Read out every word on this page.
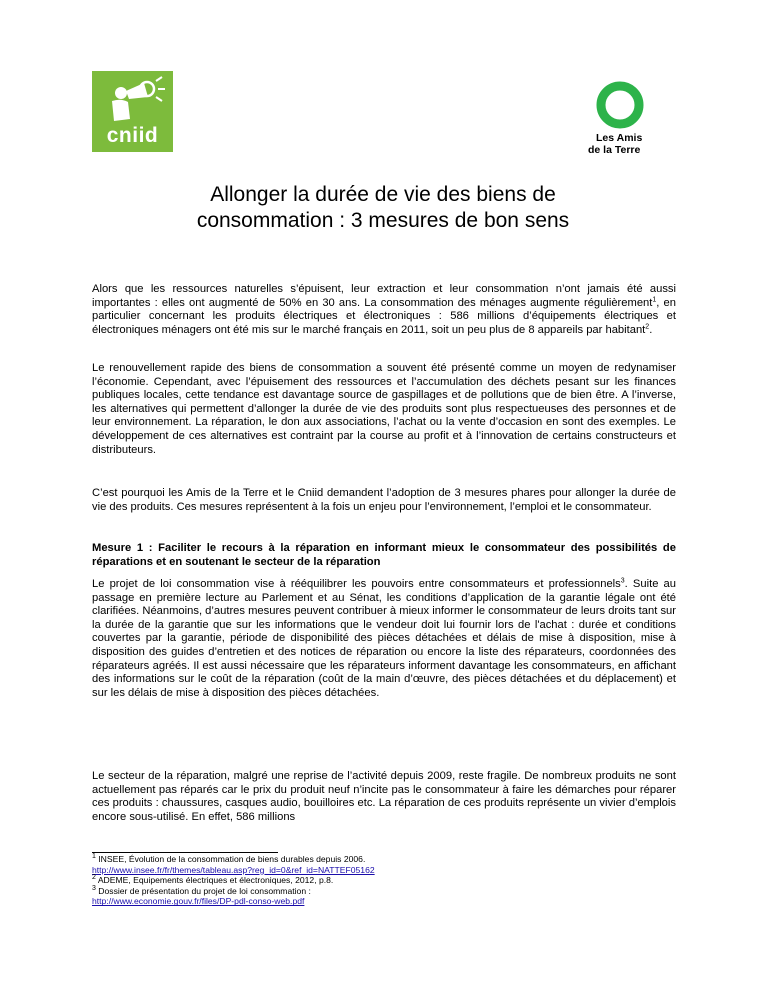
cniid	Les Amis
de la Terre
Allonger la durée de vie des biens de
consommation : 3 mesures de bon sens

Alors que les ressources naturelles s’épuisent, leur extraction et leur consommation n’ont jamais été aussi importantes : elles ont augmenté de 50% en 30 ans. La consommation des ménages augmente régulièrement$^1$, en particulier concernant les produits électriques et électroniques : 586 millions d’équipements électriques et électroniques ménagers ont été mis sur le marché français en 2011, soit un peu plus de 8 appareils par habitant$^2$.

Le renouvellement rapide des biens de consommation a souvent été présenté comme un moyen de redynamiser l’économie. Cependant, avec l’épuisement des ressources et l’accumulation des déchets pesant sur les finances publiques locales, cette tendance est davantage source de gaspillages et de pollutions que de bien être. A l’inverse, les alternatives qui permettent d’allonger la durée de vie des produits sont plus respectueuses des personnes et de leur environnement. La réparation, le don aux associations, l’achat ou la vente d’occasion en sont des exemples. Le développement de ces alternatives est contraint par la course au profit et à l’innovation de certains constructeurs et distributeurs.

C’est pourquoi les Amis de la Terre et le Cniid demandent l’adoption de 3 mesures phares pour allonger la durée de vie des produits. Ces mesures représentent à la fois un enjeu pour l’environnement, l’emploi et le consommateur.

Mesure 1 : Faciliter le recours à la réparation en informant mieux le consommateur des possibilités de réparations et en soutenant le secteur de la réparation

Le projet de loi consommation vise à rééquilibrer les pouvoirs entre consommateurs et professionnels$^3$. Suite au passage en première lecture au Parlement et au Sénat, les conditions d’application de la garantie légale ont été clarifiées. Néanmoins, d’autres mesures peuvent contribuer à mieux informer le consommateur de leurs droits tant sur la durée de la garantie que sur les informations que le vendeur doit lui fournir lors de l'achat : durée et conditions couvertes par la garantie, période de disponibilité des pièces détachées et délais de mise à disposition, mise à disposition des guides d’entretien et des notices de réparation ou encore la liste des réparateurs, coordonnées des réparateurs agréés. Il est aussi nécessaire que les réparateurs informent davantage les consommateurs, en affichant des informations sur le coût de la réparation (coût de la main d’œuvre, des pièces détachées et du déplacement) et sur les délais de mise à disposition des pièces détachées.

Le secteur de la réparation, malgré une reprise de l’activité depuis 2009, reste fragile. De nombreux produits ne sont actuellement pas réparés car le prix du produit neuf n’incite pas le consommateur à faire les démarches pour réparer ces produits : chaussures, casques audio, bouilloires etc. La réparation de ces produits représente un vivier d’emplois encore sous-utilisé. En effet, 586 millions

$^1$ INSEE, Évolution de la consommation de biens durables depuis 2006.
http://www.insee.fr/fr/themes/tableau.asp?reg_id=0&ref_id=NATTEF05162
$^2$ ADEME, Equipements électriques et électroniques, 2012, p.8.
$^3$ Dossier de présentation du projet de loi consommation :
http://www.economie.gouv.fr/files/DP-pdl-conso-web.pdf
